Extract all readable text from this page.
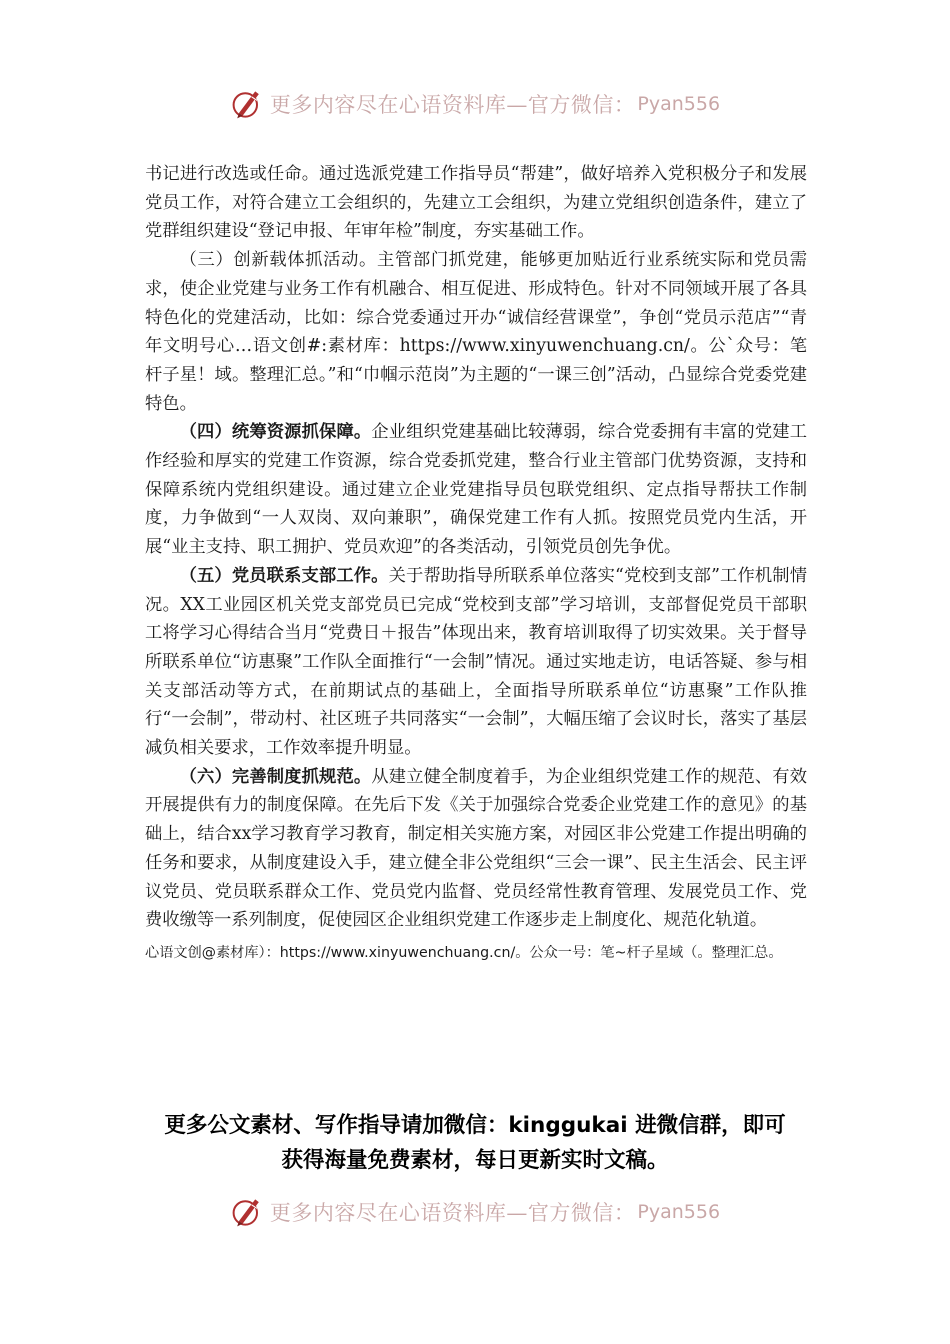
更多内容尽在心语资料库—官方微信： Pyan556

书记进行改选或任命。通过选派党建工作指导员“帮建”，做好培养入党积极分子和发展党员工作，对符合建立工会组织的，先建立工会组织，为建立党组织创造条件，建立了党群组织建设“登记申报、年审年检”制度，夯实基础工作。

（三）创新载体抓活动。主管部门抓党建，能够更加贴近行业系统实际和党员需求，使企业党建与业务工作有机融合、相互促进、形成特色。针对不同领域开展了各具特色化的党建活动，比如：综合党委通过开办“诚信经营课堂”，争创“党员示范店”“青年文明号心…语文创#:素材库：https://www.xinyuwenchuang.cn/。公`众号：笔杆子星！域。整理汇总。”和“巾帼示范岗”为主题的“一课三创”活动，凸显综合党委党建特色。

（四）统筹资源抓保障。企业组织党建基础比较薄弱，综合党委拥有丰富的党建工作经验和厚实的党建工作资源，综合党委抓党建，整合行业主管部门优势资源，支持和保障系统内党组织建设。通过建立企业党建指导员包联党组织、定点指导帮扶工作制度，力争做到“一人双岗、双向兼职”，确保党建工作有人抓。按照党员党内生活，开展“业主支持、职工拥护、党员欢迎”的各类活动，引领党员创先争优。

（五）党员联系支部工作。关于帮助指导所联系单位落实“党校到支部”工作机制情况。XX工业园区机关党支部党员已完成“党校到支部”学习培训，支部督促党员干部职工将学习心得结合当月“党费日＋报告”体现出来，教育培训取得了切实效果。关于督导所联系单位“访惠聚”工作队全面推行“一会制”情况。通过实地走访，电话答疑、参与相关支部活动等方式，在前期试点的基础上，全面指导所联系单位“访惠聚”工作队推行“一会制”，带动村、社区班子共同落实“一会制”，大幅压缩了会议时长，落实了基层减负相关要求，工作效率提升明显。

（六）完善制度抓规范。从建立健全制度着手，为企业组织党建工作的规范、有效开展提供有力的制度保障。在先后下发《关于加强综合党委企业党建工作的意见》的基础上，结合xx学习教育学习教育，制定相关实施方案，对园区非公党建工作提出明确的任务和要求，从制度建设入手，建立健全非公党组织“三会一课”、民主生活会、民主评议党员、党员联系群众工作、党员党内监督、党员经常性教育管理、发展党员工作、党费收缴等一系列制度，促使园区企业组织党建工作逐步走上制度化、规范化轨道。

心语文创@素材库）：https://www.xinyuwenchuang.cn/。公众一号：笔~杆子星域（。整理汇总。

更多公文素材、写作指导请加微信：kinggukai 进微信群，即可
获得海量免费素材，每日更新实时文稿。
更多内容尽在心语资料库—官方微信： Pyan556
